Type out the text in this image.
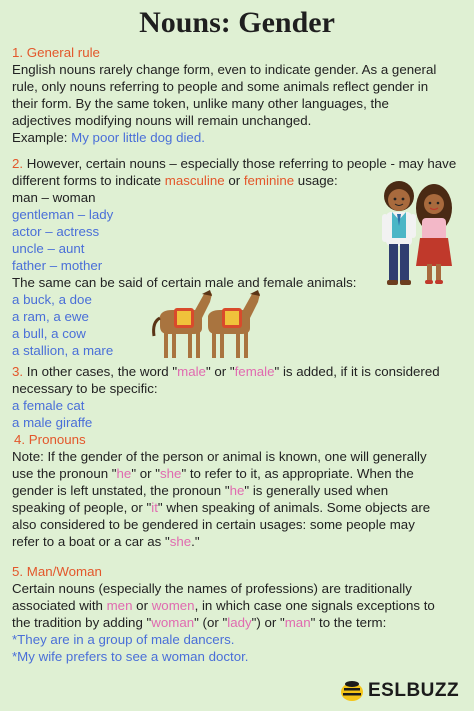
Nouns: Gender
1. General rule
English nouns rarely change form, even to indicate gender. As a general
rule, only nouns referring to people and some animals reflect gender in
their form. By the same token, unlike many other languages, the
adjectives modifying nouns will remain unchanged.
Example: My poor little dog died.
2. However, certain nouns – especially those referring to people - may have
different forms to indicate masculine or feminine usage:
man – woman
gentleman – lady
actor – actress
uncle – aunt
father – mother
The same can be said of certain male and female animals:
a buck, a doe
a ram, a ewe
a bull, a cow
a stallion, a mare
3. In other cases, the word "male" or "female" is added, if it is considered
necessary to be specific:
a female cat
a male giraffe
4. Pronouns
Note: If the gender of the person or animal is known, one will generally
use the pronoun "he" or "she" to refer to it, as appropriate. When the
gender is left unstated, the pronoun "he" is generally used when
speaking of people, or "it" when speaking of animals. Some objects are
also considered to be gendered in certain usages: some people may
refer to a boat or a car as "she."
5. Man/Woman
Certain nouns (especially the names of professions) are traditionally
associated with men or women, in which case one signals exceptions to
the tradition by adding "woman" (or "lady") or "man" to the term:
*They are in a group of male dancers.
*My wife prefers to see a woman doctor.
ESLBUZZ
